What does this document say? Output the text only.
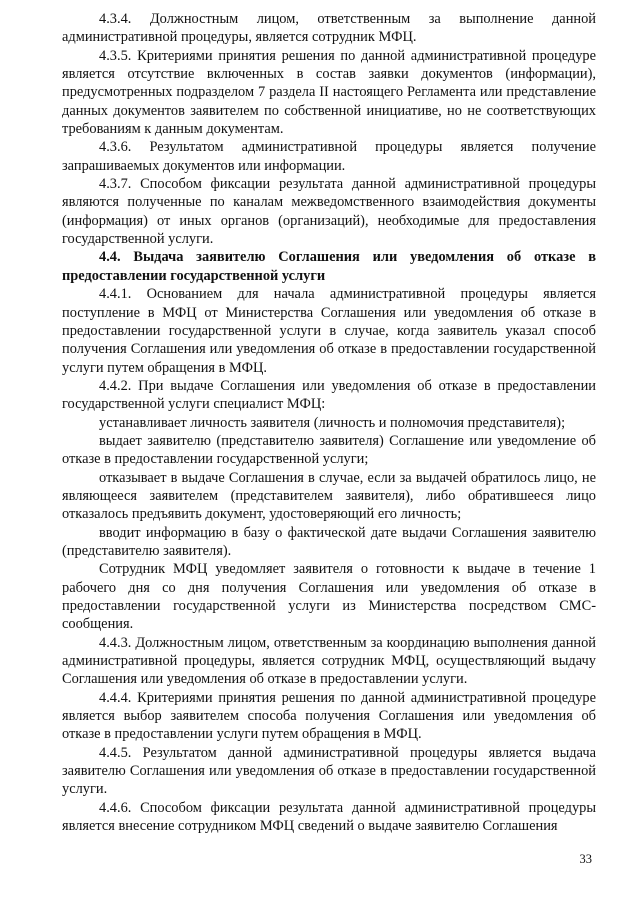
4.3.4. Должностным лицом, ответственным за выполнение данной административной процедуры, является сотрудник МФЦ.

4.3.5. Критериями принятия решения по данной административной процедуре является отсутствие включенных в состав заявки документов (информации), предусмотренных подразделом 7 раздела II настоящего Регламента или представление данных документов заявителем по собственной инициативе, но не соответствующих требованиям к данным документам.

4.3.6. Результатом административной процедуры является получение запрашиваемых документов или информации.

4.3.7. Способом фиксации результата данной административной процедуры являются полученные по каналам межведомственного взаимодействия документы (информация) от иных органов (организаций), необходимые для предоставления государственной услуги.

4.4. Выдача заявителю Соглашения или уведомления об отказе в предоставлении государственной услуги

4.4.1. Основанием для начала административной процедуры является поступление в МФЦ от Министерства Соглашения или уведомления об отказе в предоставлении государственной услуги в случае, когда заявитель указал способ получения Соглашения или уведомления об отказе в предоставлении государственной услуги путем обращения в МФЦ.

4.4.2. При выдаче Соглашения или уведомления об отказе в предоставлении государственной услуги специалист МФЦ:

устанавливает личность заявителя (личность и полномочия представителя);

выдает заявителю (представителю заявителя) Соглашение или уведомление об отказе в предоставлении государственной услуги;

отказывает в выдаче Соглашения в случае, если за выдачей обратилось лицо, не являющееся заявителем (представителем заявителя), либо обратившееся лицо отказалось предъявить документ, удостоверяющий его личность;

вводит информацию в базу о фактической дате выдачи Соглашения заявителю (представителю заявителя).

Сотрудник МФЦ уведомляет заявителя о готовности к выдаче в течение 1 рабочего дня со дня получения Соглашения или уведомления об отказе в предоставлении государственной услуги из Министерства посредством СМС-сообщения.

4.4.3. Должностным лицом, ответственным за координацию выполнения данной административной процедуры, является сотрудник МФЦ, осуществляющий выдачу Соглашения или уведомления об отказе в предоставлении услуги.

4.4.4. Критериями принятия решения по данной административной процедуре является выбор заявителем способа получения Соглашения или уведомления об отказе в предоставлении услуги путем обращения в МФЦ.

4.4.5. Результатом данной административной процедуры является выдача заявителю Соглашения или уведомления об отказе в предоставлении государственной услуги.

4.4.6. Способом фиксации результата данной административной процедуры является внесение сотрудником МФЦ сведений о выдаче заявителю Соглашения

33
